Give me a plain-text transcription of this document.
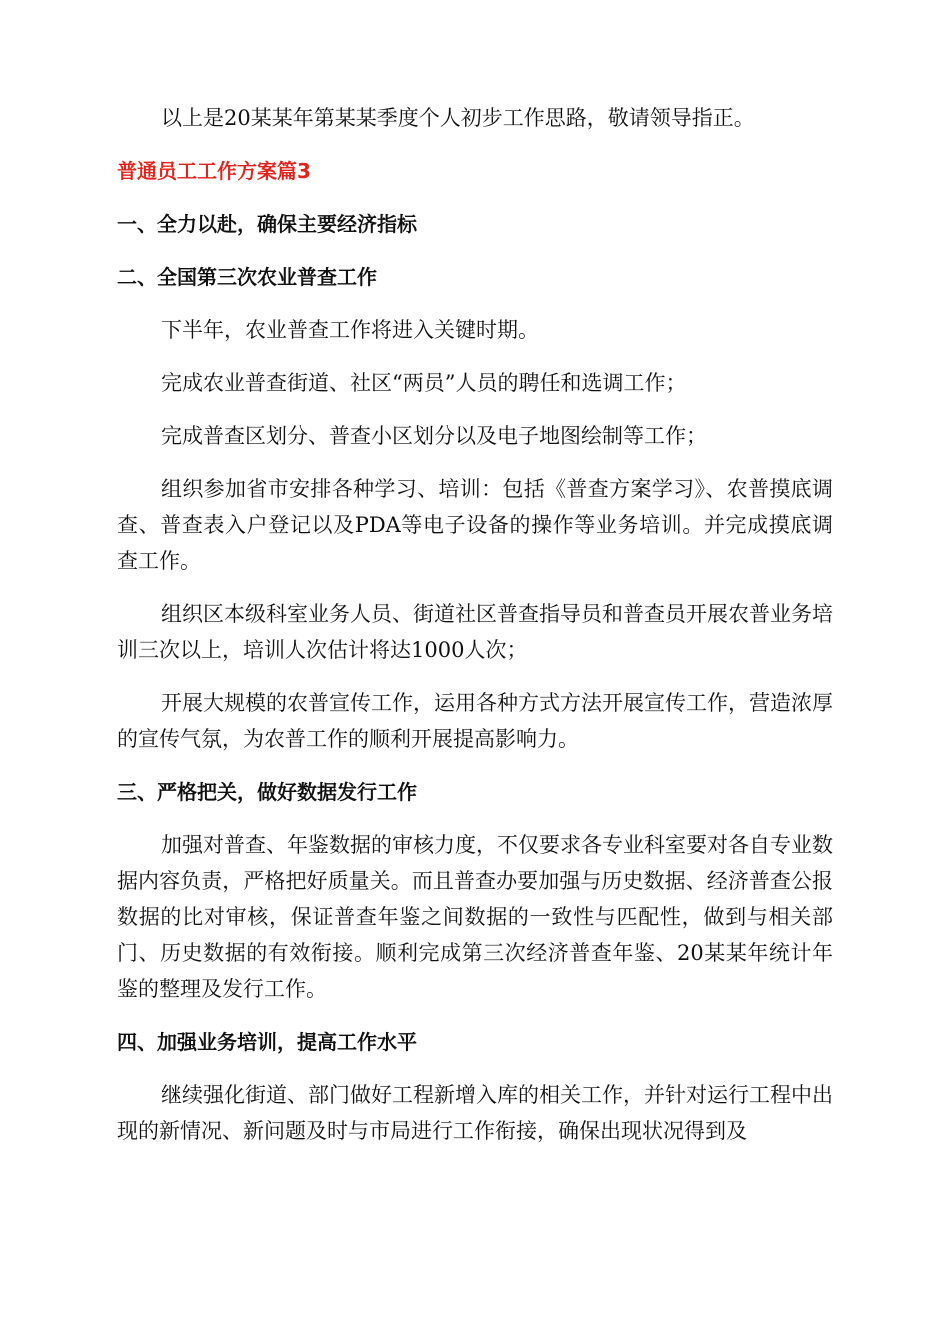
以上是20某某年第某某季度个人初步工作思路，敬请领导指正。

普通员工工作方案篇3

一、全力以赴，确保主要经济指标

二、全国第三次农业普查工作

下半年，农业普查工作将进入关键时期。

完成农业普查街道、社区“两员”人员的聘任和选调工作；

完成普查区划分、普查小区划分以及电子地图绘制等工作；

组织参加省市安排各种学习、培训：包括《普查方案学习》、农普摸底调查、普查表入户登记以及PDA等电子设备的操作等业务培训。并完成摸底调查工作。

组织区本级科室业务人员、街道社区普查指导员和普查员开展农普业务培训三次以上，培训人次估计将达1000人次；

开展大规模的农普宣传工作，运用各种方式方法开展宣传工作，营造浓厚的宣传气氛，为农普工作的顺利开展提高影响力。

三、严格把关，做好数据发行工作

加强对普查、年鉴数据的审核力度，不仅要求各专业科室要对各自专业数据内容负责，严格把好质量关。而且普查办要加强与历史数据、经济普查公报数据的比对审核，保证普查年鉴之间数据的一致性与匹配性，做到与相关部门、历史数据的有效衔接。顺利完成第三次经济普查年鉴、20某某年统计年鉴的整理及发行工作。

四、加强业务培训，提高工作水平

继续强化街道、部门做好工程新增入库的相关工作，并针对运行工程中出现的新情况、新问题及时与市局进行工作衔接，确保出现状况得到及
